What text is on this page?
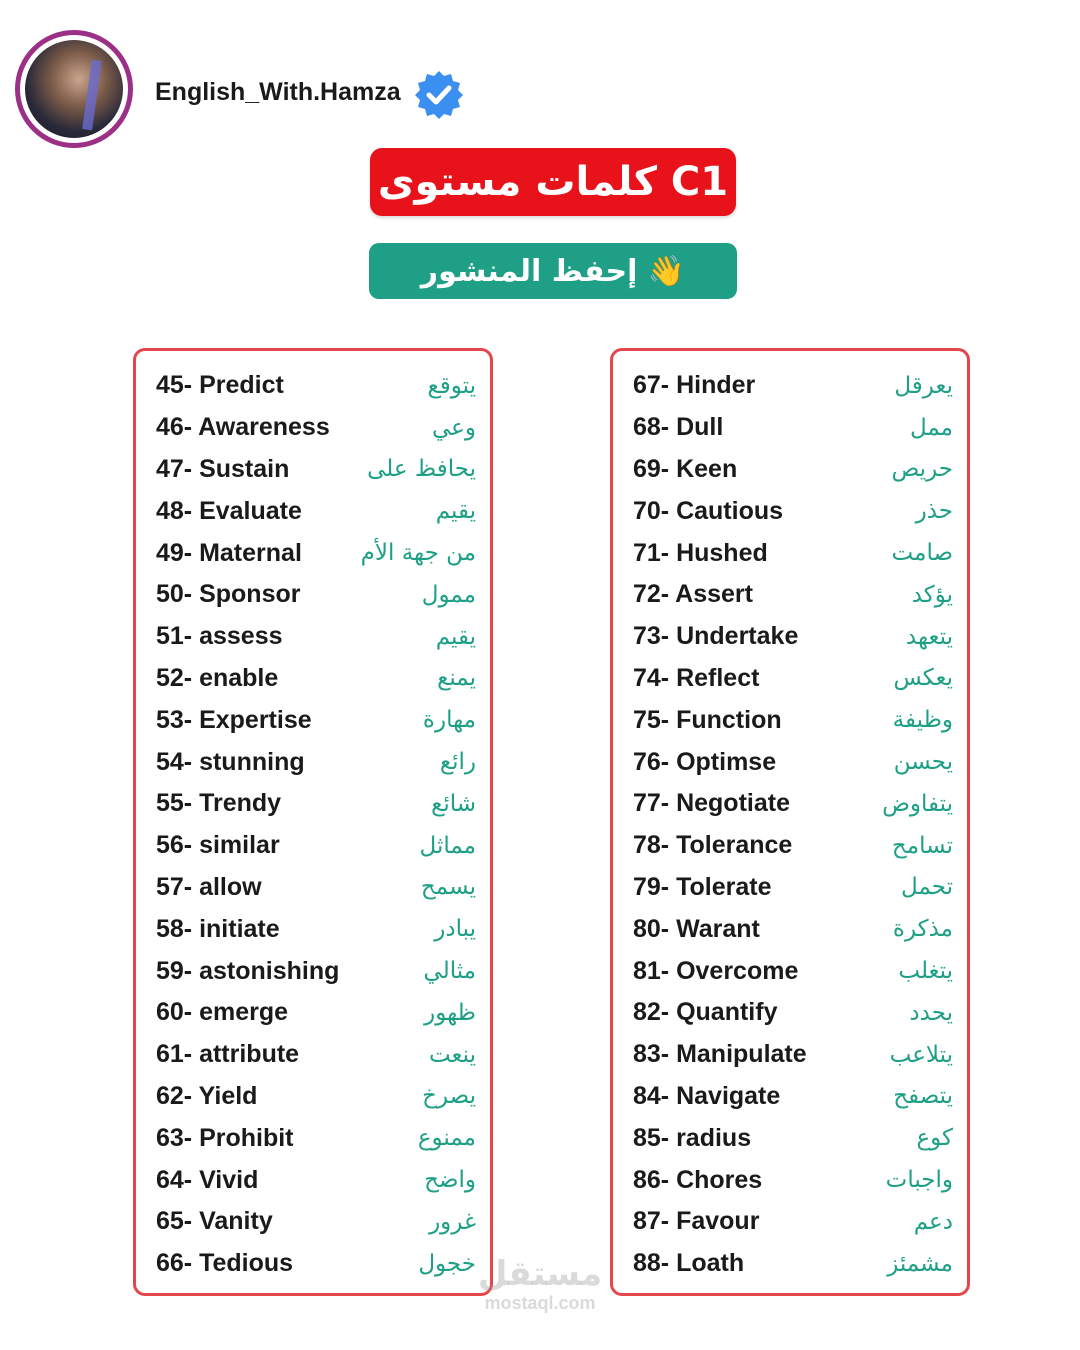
English_With.Hamza
كلمات مستوى C1
إحفظ المنشور 👋
45- Predict	يتوقع
46- Awareness	وعي
47- Sustain	يحافظ على
48- Evaluate	يقيم
49- Maternal	من جهة الأم
50- Sponsor	ممول
51- assess	يقيم
52- enable	يمنع
53- Expertise	مهارة
54- stunning	رائع
55- Trendy	شائع
56- similar	مماثل
57- allow	يسمح
58- initiate	يبادر
59- astonishing	مثالي
60- emerge	ظهور
61- attribute	ينعت
62- Yield	يصرخ
63- Prohibit	ممنوع
64- Vivid	واضح
65- Vanity	غرور
66- Tedious	خجول
67- Hinder	يعرقل
68- Dull	ممل
69- Keen	حريص
70- Cautious	حذر
71- Hushed	صامت
72- Assert	يؤكد
73- Undertake	يتعهد
74- Reflect	يعكس
75- Function	وظيفة
76- Optimse	يحسن
77- Negotiate	يتفاوض
78- Tolerance	تسامح
79- Tolerate	تحمل
80- Warant	مذكرة
81- Overcome	يتغلب
82- Quantify	يحدد
83- Manipulate	يتلاعب
84- Navigate	يتصفح
85- radius	كوع
86- Chores	واجبات
87- Favour	دعم
88- Loath	مشمئز
مستقل
mostaql.com
